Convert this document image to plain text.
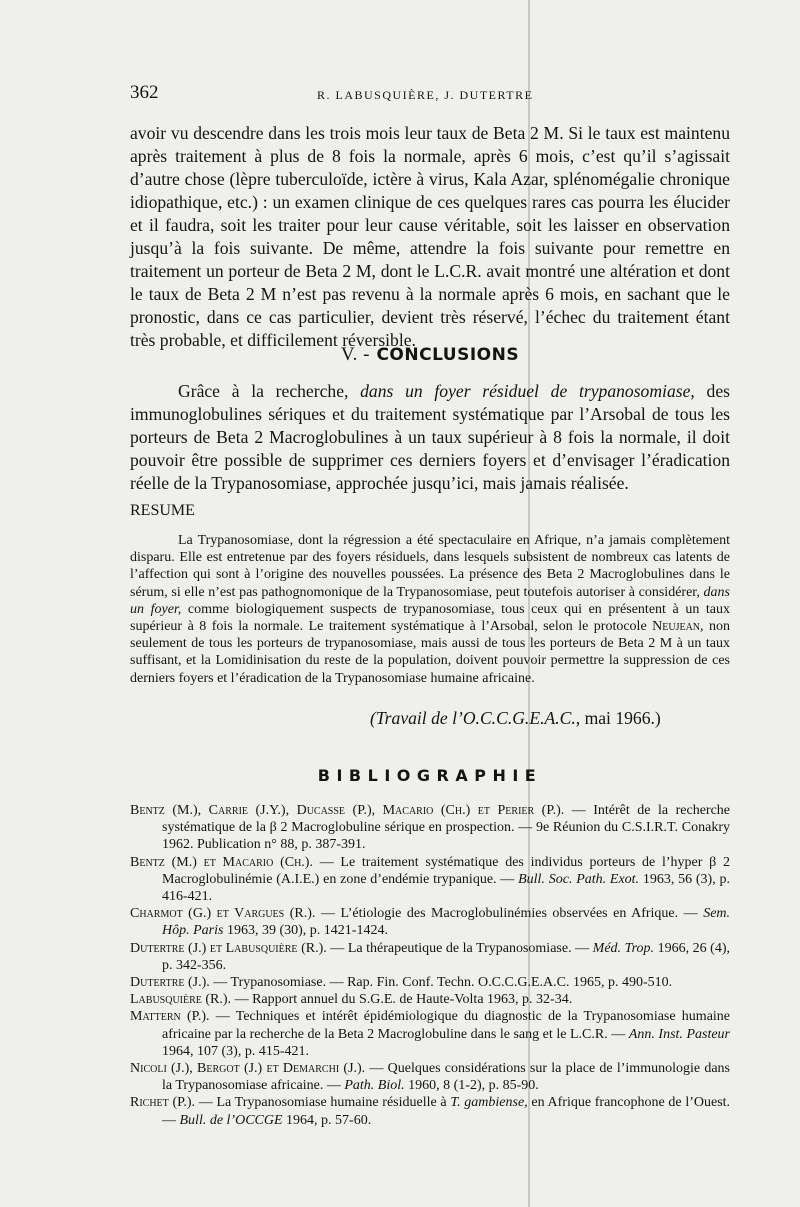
362	R. LABUSQUIÈRE, J. DUTERTRE

avoir vu descendre dans les trois mois leur taux de Beta 2 M. Si le taux est maintenu après traitement à plus de 8 fois la normale, après 6 mois, c’est qu’il s’agissait d’autre chose (lèpre tuberculoïde, ictère à virus, Kala Azar, splénomégalie chronique idiopathique, etc.) : un examen clinique de ces quelques rares cas pourra les élucider et il faudra, soit les traiter pour leur cause véritable, soit les laisser en observation jusqu’à la fois suivante. De même, attendre la fois suivante pour remettre en traitement un porteur de Beta 2 M, dont le L.C.R. avait montré une altération et dont le taux de Beta 2 M n’est pas revenu à la normale après 6 mois, en sachant que le pronostic, dans ce cas particulier, devient très réservé, l’échec du traitement étant très probable, et difficilement réversible.

V. - CONCLUSIONS

Grâce à la recherche, dans un foyer résiduel de trypanosomiase, des immunoglobulines sériques et du traitement systématique par l’Arsobal de tous les porteurs de Beta 2 Macroglobulines à un taux supérieur à 8 fois la normale, il doit pouvoir être possible de supprimer ces derniers foyers et d’envisager l’éradication réelle de la Trypanosomiase, approchée jusqu’ici, mais jamais réalisée.

RESUME

La Trypanosomiase, dont la régression a été spectaculaire en Afrique, n’a jamais complètement disparu. Elle est entretenue par des foyers résiduels, dans lesquels subsistent de nombreux cas latents de l’affection qui sont à l’origine des nouvelles poussées. La présence des Beta 2 Macroglobulines dans le sérum, si elle n’est pas pathognomonique de la Trypanosomiase, peut toutefois autoriser à considérer, dans un foyer, comme biologiquement suspects de trypanosomiase, tous ceux qui en présentent à un taux supérieur à 8 fois la normale. Le traitement systématique à l’Arsobal, selon le protocole Neujean, non seulement de tous les porteurs de trypanosomiase, mais aussi de tous les porteurs de Beta 2 M à un taux suffisant, et la Lomidinisation du reste de la population, doivent pouvoir permettre la suppression de ces derniers foyers et l’éradication de la Trypanosomiase humaine africaine.

(Travail de l’O.C.C.G.E.A.C., mai 1966.)
BIBLIOGRAPHIE

Bentz (M.), Carrie (J.Y.), Ducasse (P.), Macario (Ch.) et Perier (P.). — Intérêt de la recherche systématique de la β 2 Macroglobuline sérique en prospection. — 9e Réunion du C.S.I.R.T. Conakry 1962. Publication n° 88, p. 387-391.

Bentz (M.) et Macario (Ch.). — Le traitement systématique des individus porteurs de l’hyper β 2 Macroglobulinémie (A.I.E.) en zone d’endémie trypanique. — Bull. Soc. Path. Exot. 1963, 56 (3), p. 416-421.

Charmot (G.) et Vargues (R.). — L’étiologie des Macroglobulinémies observées en Afrique. — Sem. Hôp. Paris 1963, 39 (30), p. 1421-1424.

Dutertre (J.) et Labusquière (R.). — La thérapeutique de la Trypanosomiase. — Méd. Trop. 1966, 26 (4), p. 342-356.

Dutertre (J.). — Trypanosomiase. — Rap. Fin. Conf. Techn. O.C.C.G.E.A.C. 1965, p. 490-510.

Labusquière (R.). — Rapport annuel du S.G.E. de Haute-Volta 1963, p. 32-34.

Mattern (P.). — Techniques et intérêt épidémiologique du diagnostic de la Trypanosomiase humaine africaine par la recherche de la Beta 2 Macroglobuline dans le sang et le L.C.R. — Ann. Inst. Pasteur 1964, 107 (3), p. 415-421.

Nicoli (J.), Bergot (J.) et Demarchi (J.). — Quelques considérations sur la place de l’immunologie dans la Trypanosomiase africaine. — Path. Biol. 1960, 8 (1-2), p. 85-90.

Richet (P.). — La Trypanosomiase humaine résiduelle à T. gambiense, en Afrique francophone de l’Ouest. — Bull. de l’OCCGE 1964, p. 57-60.
